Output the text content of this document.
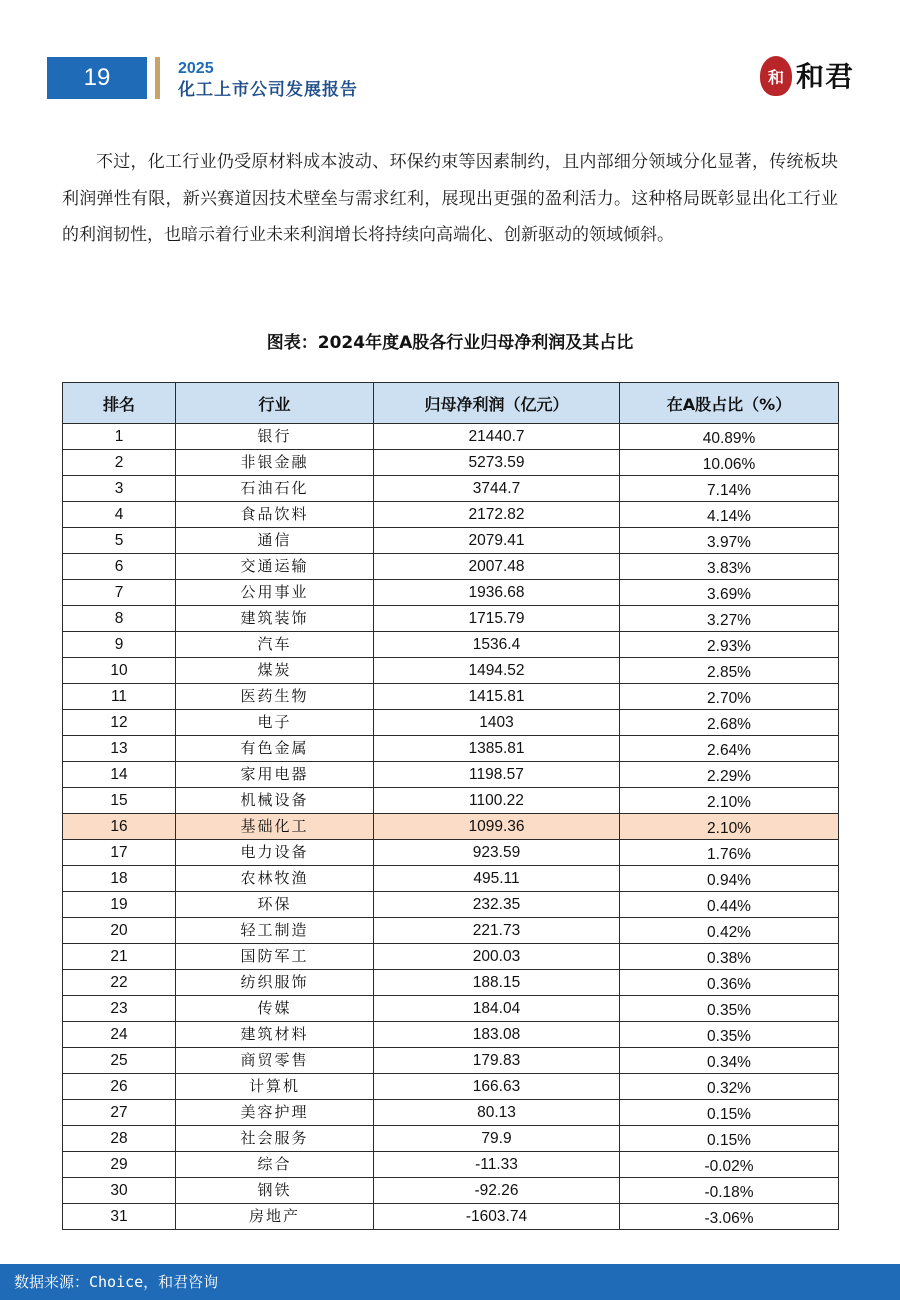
19	2025
化工上市公司发展报告
和 和君

不过，化工行业仍受原材料成本波动、环保约束等因素制约，且内部细分领域分化显著，传统板块利润弹性有限，新兴赛道因技术壁垒与需求红利，展现出更强的盈利活力。这种格局既彰显出化工行业的利润韧性，也暗示着行业未来利润增长将持续向高端化、创新驱动的领域倾斜。

图表：2024年度A股各行业归母净利润及其占比
排名	行业	归母净利润（亿元）	在A股占比（%）
1	银行	21440.7	40.89%
2	非银金融	5273.59	10.06%
3	石油石化	3744.7	7.14%
4	食品饮料	2172.82	4.14%
5	通信	2079.41	3.97%
6	交通运输	2007.48	3.83%
7	公用事业	1936.68	3.69%
8	建筑装饰	1715.79	3.27%
9	汽车	1536.4	2.93%
10	煤炭	1494.52	2.85%
11	医药生物	1415.81	2.70%
12	电子	1403	2.68%
13	有色金属	1385.81	2.64%
14	家用电器	1198.57	2.29%
15	机械设备	1100.22	2.10%
16	基础化工	1099.36	2.10%
17	电力设备	923.59	1.76%
18	农林牧渔	495.11	0.94%
19	环保	232.35	0.44%
20	轻工制造	221.73	0.42%
21	国防军工	200.03	0.38%
22	纺织服饰	188.15	0.36%
23	传媒	184.04	0.35%
24	建筑材料	183.08	0.35%
25	商贸零售	179.83	0.34%
26	计算机	166.63	0.32%
27	美容护理	80.13	0.15%
28	社会服务	79.9	0.15%
29	综合	-11.33	-0.02%
30	钢铁	-92.26	-0.18%
31	房地产	-1603.74	-3.06%
数据来源：Choice，和君咨询
